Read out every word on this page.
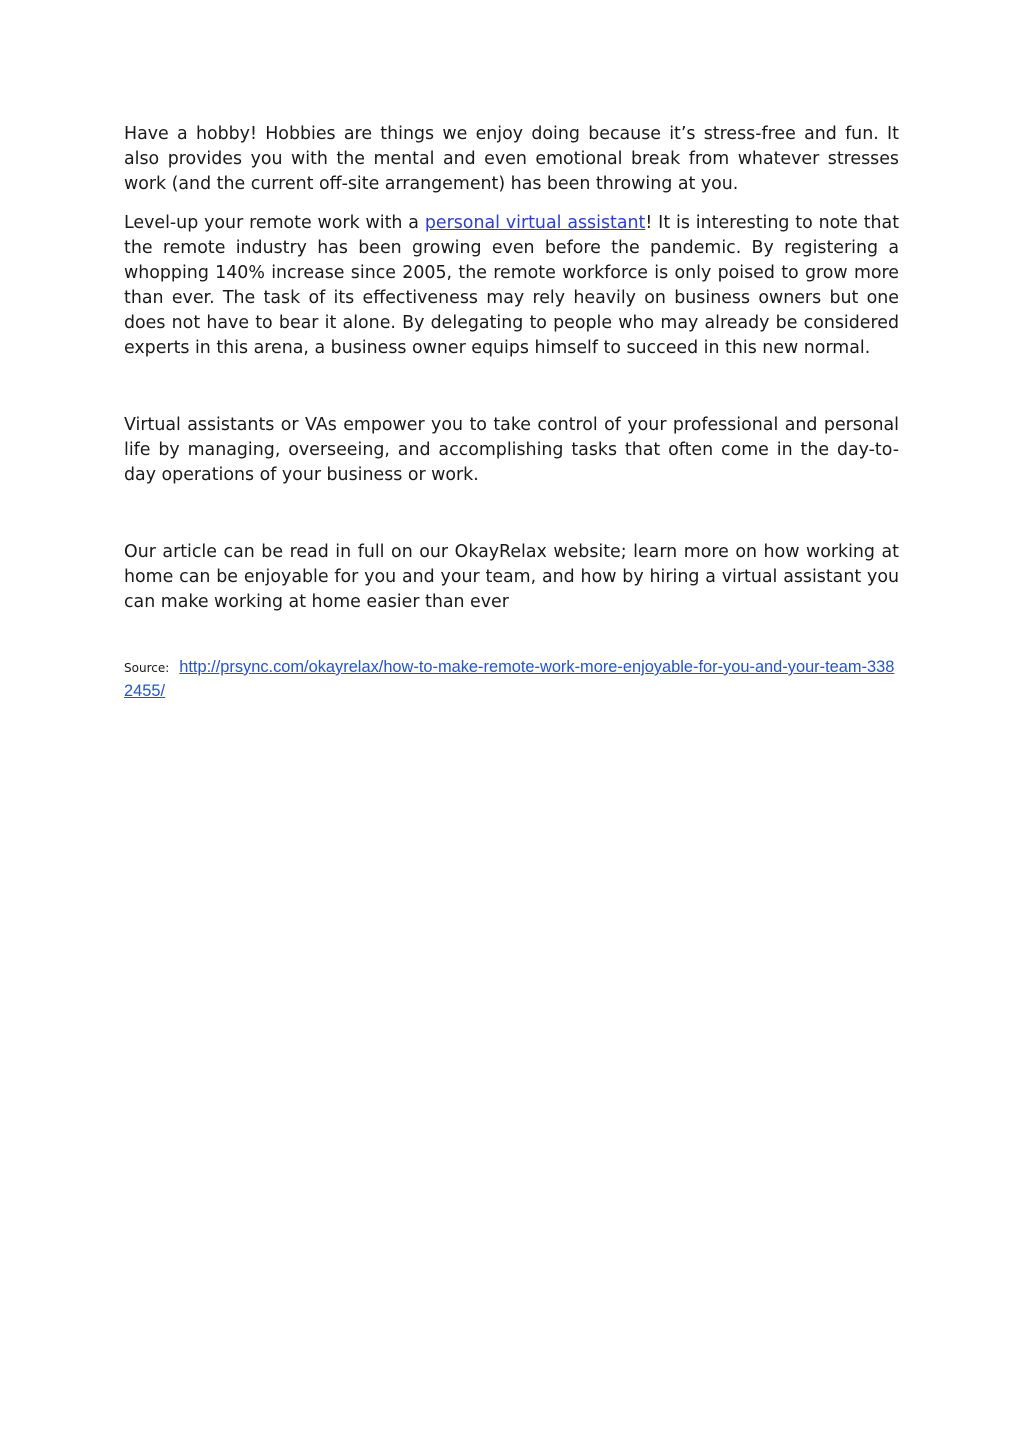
Have a hobby! Hobbies are things we enjoy doing because it’s stress-free and fun. It also provides you with the mental and even emotional break from whatever stresses work (and the current off-site arrangement) has been throwing at you.

Level-up your remote work with a personal virtual assistant! It is interesting to note that the remote industry has been growing even before the pandemic. By registering a whopping 140% increase since 2005, the remote workforce is only poised to grow more than ever. The task of its effectiveness may rely heavily on business owners but one does not have to bear it alone. By delegating to people who may already be considered experts in this arena, a business owner equips himself to succeed in this new normal.

Virtual assistants or VAs empower you to take control of your professional and personal life by managing, overseeing, and accomplishing tasks that often come in the day-to-day operations of your business or work.

Our article can be read in full on our OkayRelax website; learn more on how working at home can be enjoyable for you and your team, and how by hiring a virtual assistant you can make working at home easier than ever

Source: http://prsync.com/okayrelax/how-to-make-remote-work-more-enjoyable-for-you-and-your-team-3382455/
